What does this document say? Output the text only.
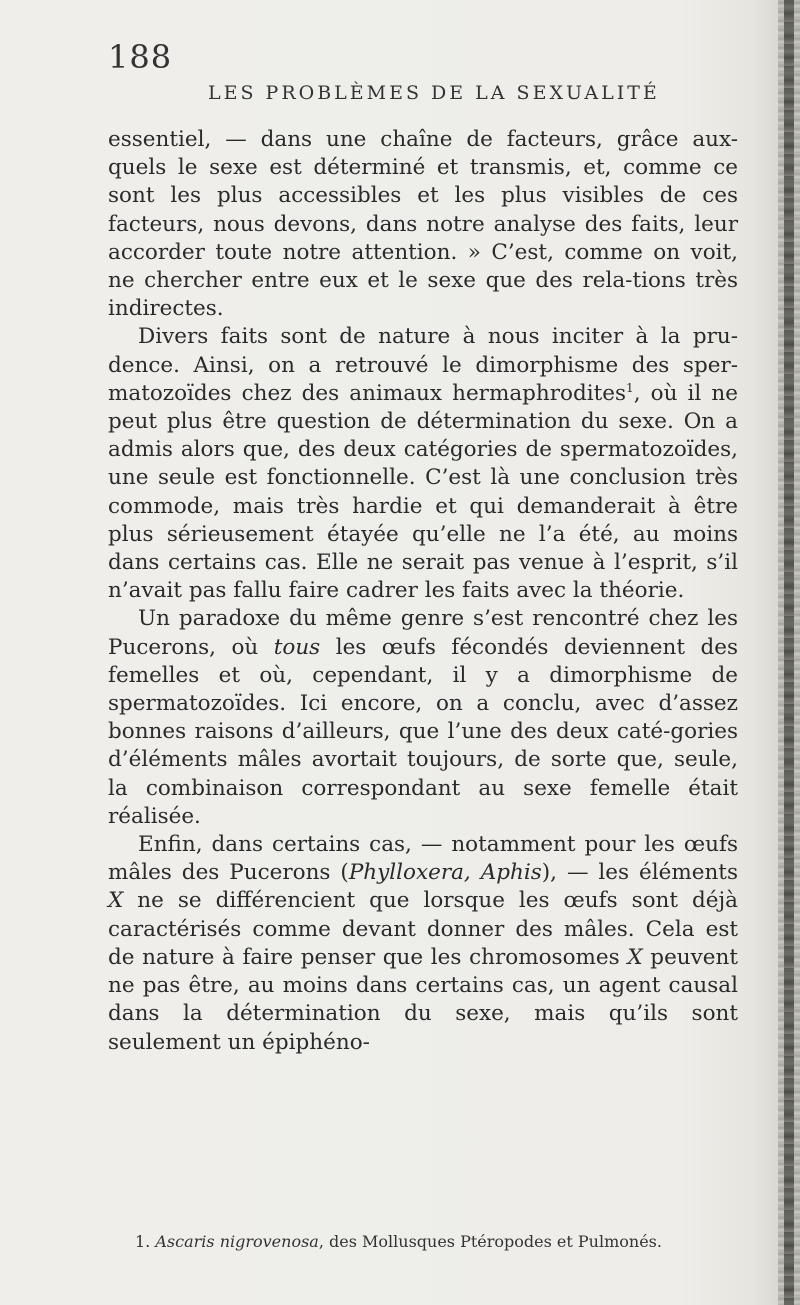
188
LES PROBLÈMES DE LA SEXUALITÉ

essentiel, — dans une chaîne de facteurs, grâce aux-quels le sexe est déterminé et transmis, et, comme ce sont les plus accessibles et les plus visibles de ces facteurs, nous devons, dans notre analyse des faits, leur accorder toute notre attention. » C’est, comme on voit, ne chercher entre eux et le sexe que des rela-tions très indirectes.

Divers faits sont de nature à nous inciter à la pru-dence. Ainsi, on a retrouvé le dimorphisme des sper-matozoïdes chez des animaux hermaphrodites$^1$, où il ne peut plus être question de détermination du sexe. On a admis alors que, des deux catégories de spermatozoïdes, une seule est fonctionnelle. C’est là une conclusion très commode, mais très hardie et qui demanderait à être plus sérieusement étayée qu’elle ne l’a été, au moins dans certains cas. Elle ne serait pas venue à l’esprit, s’il n’avait pas fallu faire cadrer les faits avec la théorie.

Un paradoxe du même genre s’est rencontré chez les Pucerons, où tous les œufs fécondés deviennent des femelles et où, cependant, il y a dimorphisme de spermatozoïdes. Ici encore, on a conclu, avec d’assez bonnes raisons d’ailleurs, que l’une des deux caté-gories d’éléments mâles avortait toujours, de sorte que, seule, la combinaison correspondant au sexe femelle était réalisée.

Enfin, dans certains cas, — notamment pour les œufs mâles des Pucerons (Phylloxera, Aphis), — les éléments X ne se différencient que lorsque les œufs sont déjà caractérisés comme devant donner des mâles. Cela est de nature à faire penser que les chromosomes X peuvent ne pas être, au moins dans certains cas, un agent causal dans la détermination du sexe, mais qu’ils sont seulement un épiphéno-

1. Ascaris nigrovenosa, des Mollusques Ptéropodes et Pulmonés.
